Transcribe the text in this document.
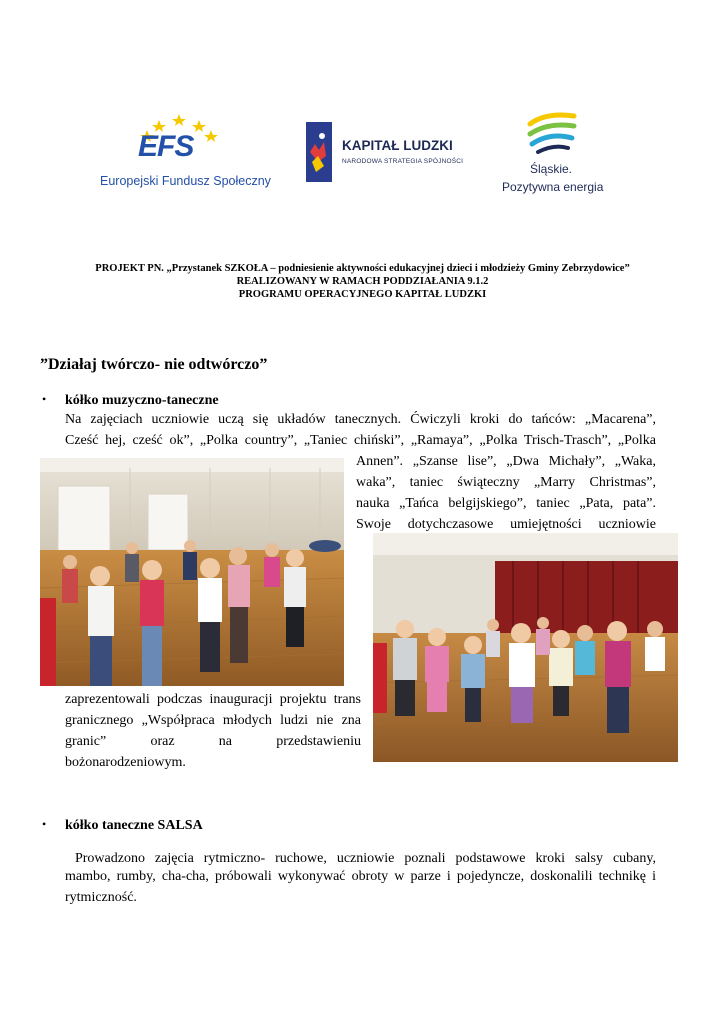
EFS
Europejski Fundusz Społeczny
KAPITAŁ LUDZKI
NARODOWA STRATEGIA SPÓJNOŚCI
Śląskie.
Pozytywna energia
PROJEKT PN. „Przystanek SZKOŁA – podniesienie aktywności edukacyjnej dzieci i młodzieży Gminy Zebrzydowice”
REALIZOWANY W RAMACH PODDZIAŁANIA 9.1.2
PROGRAMU OPERACYJNEGO KAPITAŁ LUDZKI
”Działaj twórczo- nie odtwórczo”
• kółko muzyczno-taneczne
Na zajęciach uczniowie uczą się układów tanecznych. Ćwiczyli kroki do tańców: „Macarena”,
Cześć hej, cześć ok”, „Polka country”, „Taniec chiński”, „Ramaya”, „Polka Trisch-Trasch”, „Polka
Annen”. „Szanse lise”, „Dwa Michały”, „Waka,
waka”, taniec świąteczny „Marry Christmas”,
nauka „Tańca belgijskiego”, taniec „Pata, pata”.
Swoje dotychczasowe umiejętności uczniowie
zaprezentowali podczas inauguracji projektu trans
granicznego „Współpraca młodych ludzi nie zna
granic” oraz na przedstawieniu
bożonarodzeniowym.
• kółko taneczne SALSA
Prowadzono zajęcia rytmiczno- ruchowe, uczniowie poznali podstawowe kroki salsy cubany,
mambo, rumby, cha-cha, próbowali wykonywać obroty w parze i pojedyncze, doskonalili technikę i
rytmiczność.
